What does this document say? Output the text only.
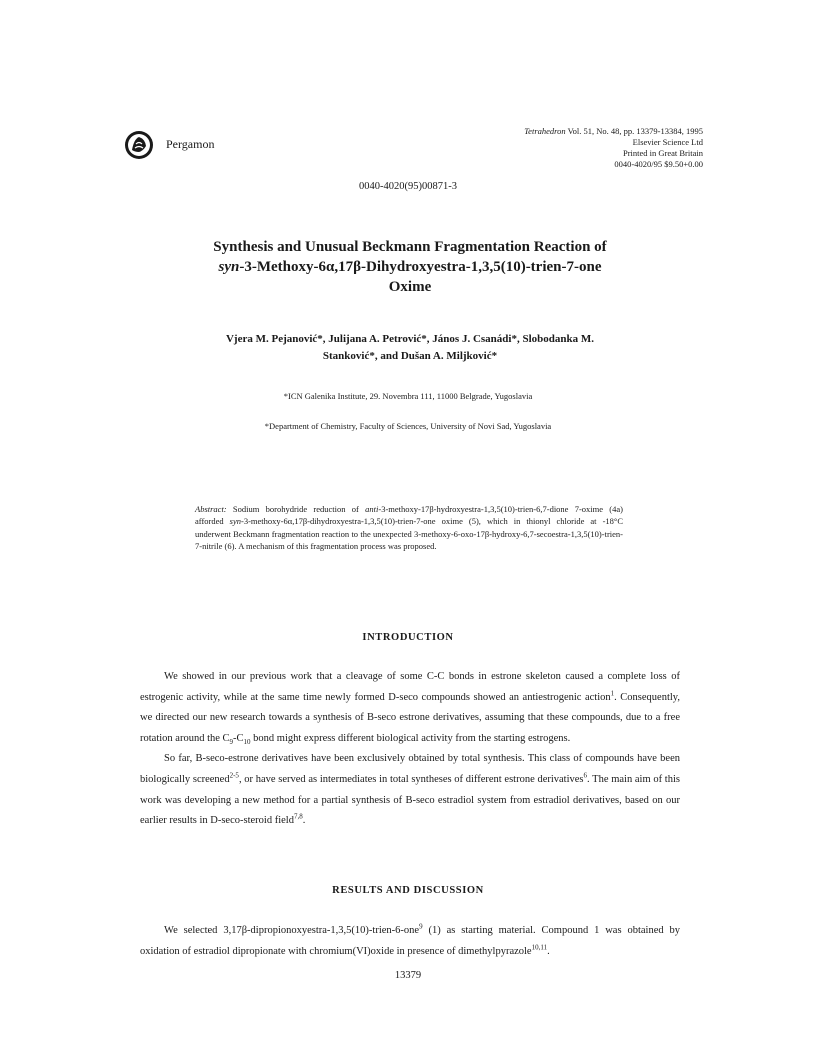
Pergamon
Tetrahedron Vol. 51, No. 48, pp. 13379-13384, 1995
Elsevier Science Ltd
Printed in Great Britain
0040-4020/95 $9.50+0.00
0040-4020(95)00871-3
Synthesis and Unusual Beckmann Fragmentation Reaction of
syn-3-Methoxy-6α,17β-Dihydroxyestra-1,3,5(10)-trien-7-one
Oxime
Vjera M. Pejanović*, Julijana A. Petrović*, János J. Csanádi*, Slobodanka M.
Stanković*, and Dušan A. Miljković*
*ICN Galenika Institute, 29. Novembra 111, 11000 Belgrade, Yugoslavia
*Department of Chemistry, Faculty of Sciences, University of Novi Sad, Yugoslavia
Abstract: Sodium borohydride reduction of anti-3-methoxy-17β-hydroxyestra-1,3,5(10)-trien-6,7-dione 7-oxime (4a) afforded syn-3-methoxy-6α,17β-dihydroxyestra-1,3,5(10)-trien-7-one oxime (5), which in thionyl chloride at -18°C underwent Beckmann fragmentation reaction to the unexpected 3-methoxy-6-oxo-17β-hydroxy-6,7-secoestra-1,3,5(10)-trien-7-nitrile (6). A mechanism of this fragmentation process was proposed.
INTRODUCTION

We showed in our previous work that a cleavage of some C-C bonds in estrone skeleton caused a complete loss of estrogenic activity, while at the same time newly formed D-seco compounds showed an antiestrogenic action$^1$. Consequently, we directed our new research towards a synthesis of B-seco estrone derivatives, assuming that these compounds, due to a free rotation around the $C_9-C_{10}$ bond might express different biological activity from the starting estrogens.

So far, B-seco-estrone derivatives have been exclusively obtained by total synthesis. This class of compounds have been biologically screened$^{2-5}$, or have served as intermediates in total syntheses of different estrone derivatives$^6$. The main aim of this work was developing a new method for a partial synthesis of B-seco estradiol system from estradiol derivatives, based on our earlier results in D-seco-steroid field$^{7,8}$.

RESULTS AND DISCUSSION

We selected 3,17β-dipropionoxyestra-1,3,5(10)-trien-6-one$^9$ (1) as starting material. Compound 1 was obtained by oxidation of estradiol dipropionate with chromium(VI)oxide in presence of dimethylpyrazole$^{10,11}$.

13379
